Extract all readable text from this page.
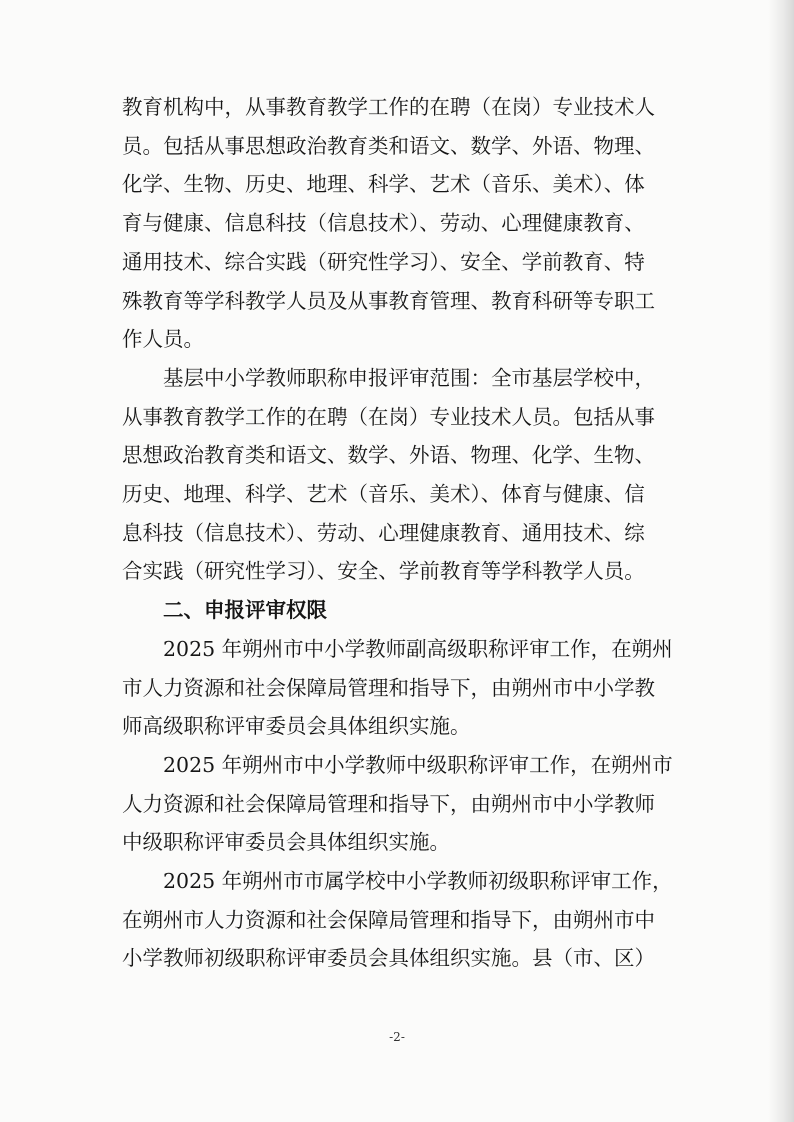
教育机构中，从事教育教学工作的在聘（在岗）专业技术人
员。包括从事思想政治教育类和语文、数学、外语、物理、
化学、生物、历史、地理、科学、艺术（音乐、美术）、体
育与健康、信息科技（信息技术）、劳动、心理健康教育、
通用技术、综合实践（研究性学习）、安全、学前教育、特
殊教育等学科教学人员及从事教育管理、教育科研等专职工
作人员。
基层中小学教师职称申报评审范围：全市基层学校中，
从事教育教学工作的在聘（在岗）专业技术人员。包括从事
思想政治教育类和语文、数学、外语、物理、化学、生物、
历史、地理、科学、艺术（音乐、美术）、体育与健康、信
息科技（信息技术）、劳动、心理健康教育、通用技术、综
合实践（研究性学习）、安全、学前教育等学科教学人员。
二、申报评审权限
2025 年朔州市中小学教师副高级职称评审工作，在朔州
市人力资源和社会保障局管理和指导下，由朔州市中小学教
师高级职称评审委员会具体组织实施。
2025 年朔州市中小学教师中级职称评审工作，在朔州市
人力资源和社会保障局管理和指导下，由朔州市中小学教师
中级职称评审委员会具体组织实施。
2025 年朔州市市属学校中小学教师初级职称评审工作，
在朔州市人力资源和社会保障局管理和指导下，由朔州市中
小学教师初级职称评审委员会具体组织实施。县（市、区）
-2-
